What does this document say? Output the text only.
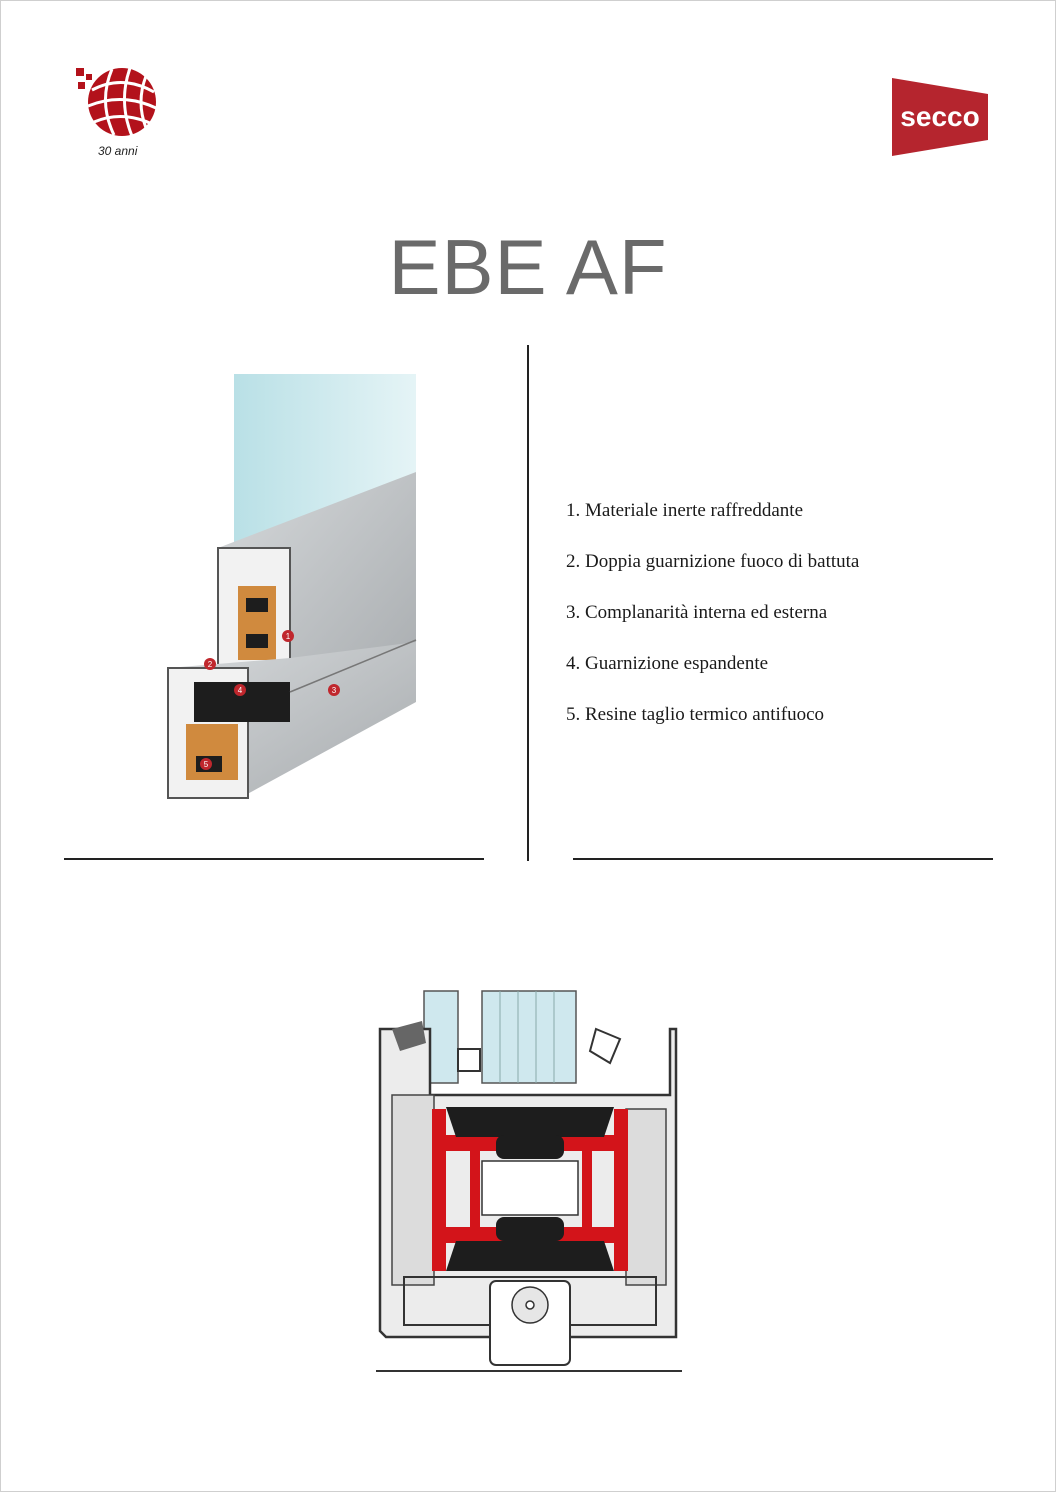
30 anni
secco
EBE AF
1
2
3
4
5
1. Materiale inerte raffreddante
2. Doppia guarnizione fuoco di battuta
3. Complanarità interna ed esterna
4. Guarnizione espandente
5. Resine taglio termico antifuoco
